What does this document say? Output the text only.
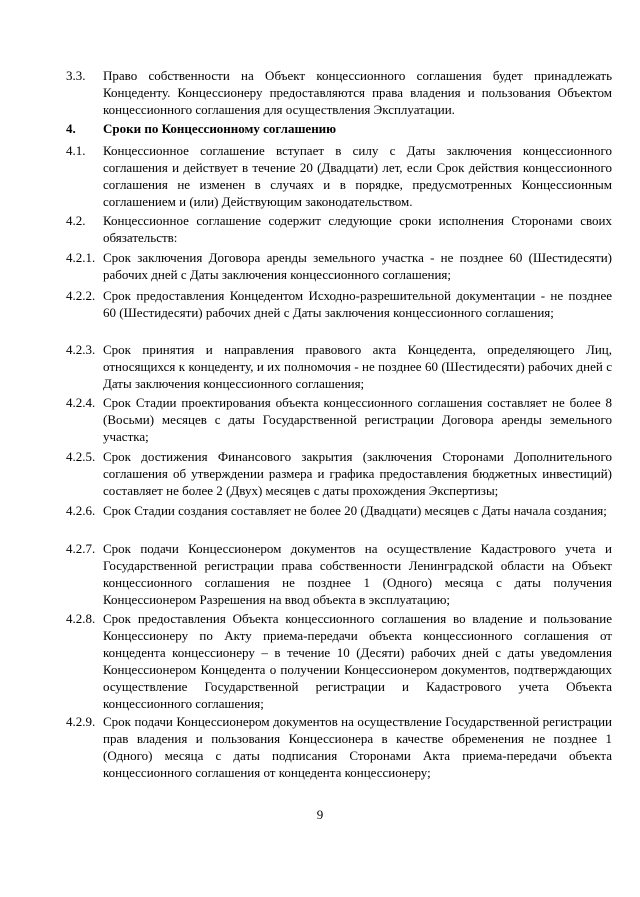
3.3.	Право собственности на Объект концессионного соглашения будет принадлежать Концеденту. Концессионеру предоставляются права владения и пользования Объектом концессионного соглашения для осуществления Эксплуатации.
4.	Сроки по Концессионному соглашению
4.1.	Концессионное соглашение вступает в силу с Даты заключения концессионного соглашения и действует в течение 20 (Двадцати) лет, если Срок действия концессионного соглашения не изменен в случаях и в порядке, предусмотренных Концессионным соглашением и (или) Действующим законодательством.
4.2.	Концессионное соглашение содержит следующие сроки исполнения Сторонами своих обязательств:
4.2.1. Срок заключения Договора аренды земельного участка - не позднее 60 (Шестидесяти) рабочих дней с Даты заключения концессионного соглашения;
4.2.2. Срок предоставления Концедентом Исходно-разрешительной документации - не позднее 60 (Шестидесяти) рабочих дней с Даты заключения концессионного соглашения;
4.2.3. Срок принятия и направления правового акта Концедента, определяющего Лиц, относящихся к концеденту, и их полномочия - не позднее 60 (Шестидесяти) рабочих дней с Даты заключения концессионного соглашения;
4.2.4. Срок Стадии проектирования объекта концессионного соглашения составляет не более 8 (Восьми) месяцев с даты Государственной регистрации Договора аренды земельного участка;
4.2.5. Срок достижения Финансового закрытия (заключения Сторонами Дополнительного соглашения об утверждении размера и графика предоставления бюджетных инвестиций) составляет не более 2 (Двух) месяцев с даты прохождения Экспертизы;
4.2.6. Срок Стадии создания составляет не более 20 (Двадцати) месяцев с Даты начала создания;
4.2.7. Срок подачи Концессионером документов на осуществление Кадастрового учета и Государственной регистрации права собственности Ленинградской области на Объект концессионного соглашения не позднее 1 (Одного) месяца с даты получения Концессионером Разрешения на ввод объекта в эксплуатацию;
4.2.8. Срок предоставления Объекта концессионного соглашения во владение и пользование Концессионеру по Акту приема-передачи объекта концессионного соглашения от концедента концессионеру – в течение 10 (Десяти) рабочих дней с даты уведомления Концессионером Концедента о получении Концессионером документов, подтверждающих осуществление Государственной регистрации и Кадастрового учета Объекта концессионного соглашения;
4.2.9. Срок подачи Концессионером документов на осуществление Государственной регистрации прав владения и пользования Концессионера в качестве обременения не позднее 1 (Одного) месяца с даты подписания Сторонами Акта приема-передачи объекта концессионного соглашения от концедента концессионеру;
9
